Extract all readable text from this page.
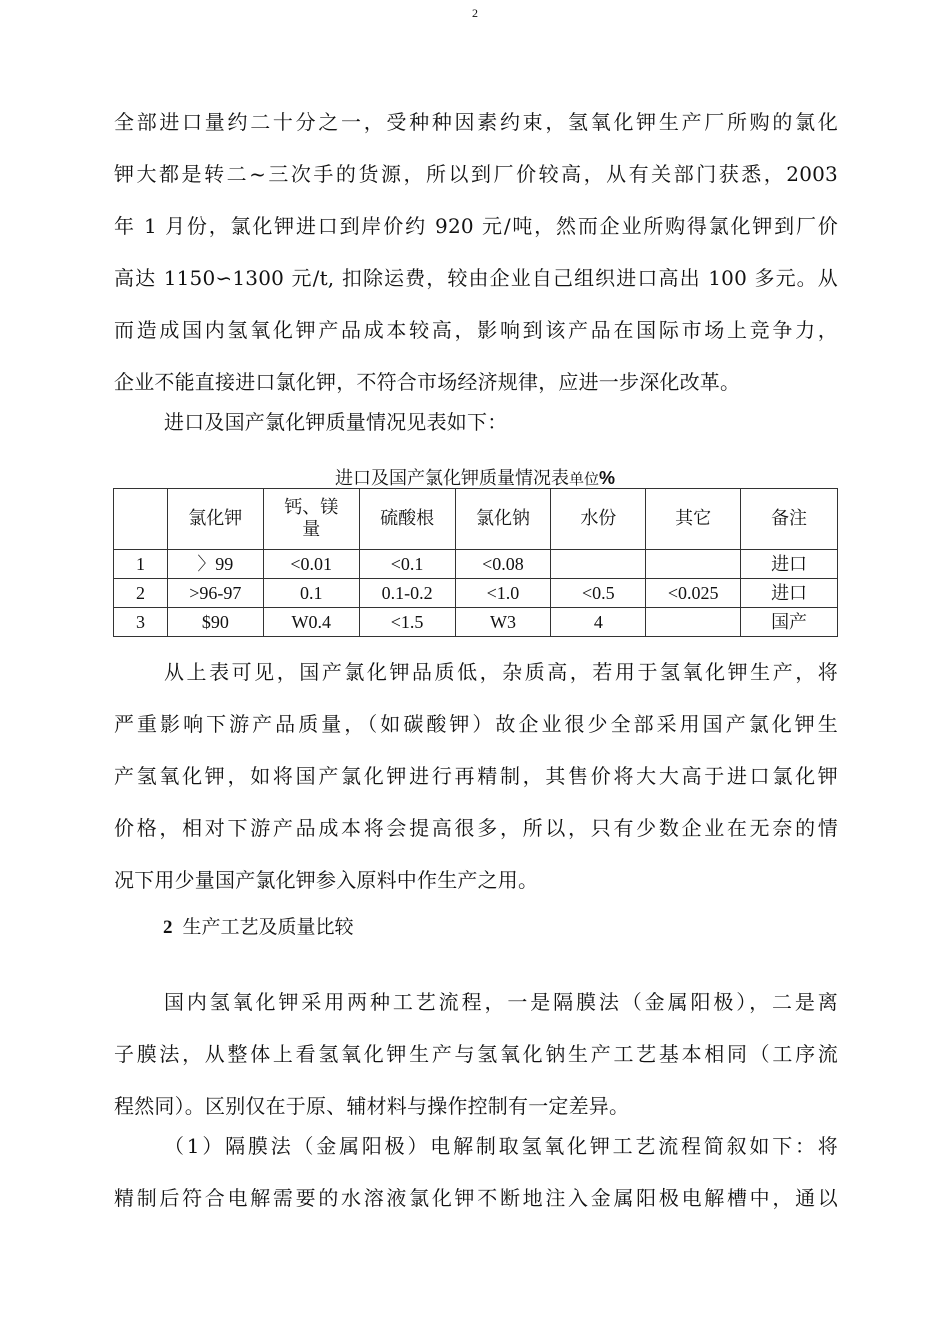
2
全部进口量约二十分之一，受种种因素约束，氢氧化钾生产厂所购的氯化
钾大都是转二~三次手的货源，所以到厂价较高，从有关部门获悉，2003
年 1 月份，氯化钾进口到岸价约 920 元/吨，然而企业所购得氯化钾到厂价
高达 1150∽1300 元/t, 扣除运费，较由企业自己组织进口高出 100 多元。从
而造成国内氢氧化钾产品成本较高，影响到该产品在国际市场上竞争力，
企业不能直接进口氯化钾，不符合市场经济规律，应进一步深化改革。
进口及国产氯化钾质量情况见表如下：
进口及国产氯化钾质量情况表单位%
	氯化钾	钙、镁量	硫酸根	氯化钠	水份	其它	备注
1	〉99	<0.01	<0.1	<0.08			进口
2	>96-97	0.1	0.1-0.2	<1.0	<0.5	<0.025	进口
3	$90	W0.4	<1.5	W3	4		国产
从上表可见，国产氯化钾品质低，杂质高，若用于氢氧化钾生产，将
严重影响下游产品质量，（如碳酸钾）故企业很少全部采用国产氯化钾生
产氢氧化钾，如将国产氯化钾进行再精制，其售价将大大高于进口氯化钾
价格，相对下游产品成本将会提高很多，所以，只有少数企业在无奈的情
况下用少量国产氯化钾参入原料中作生产之用。
2 生产工艺及质量比较
国内氢氧化钾采用两种工艺流程，一是隔膜法（金属阳极），二是离
子膜法，从整体上看氢氧化钾生产与氢氧化钠生产工艺基本相同（工序流
程然同）。区别仅在于原、辅材料与操作控制有一定差异。
（1）隔膜法（金属阳极）电解制取氢氧化钾工艺流程简叙如下：将
精制后符合电解需要的水溶液氯化钾不断地注入金属阳极电解槽中，通以
